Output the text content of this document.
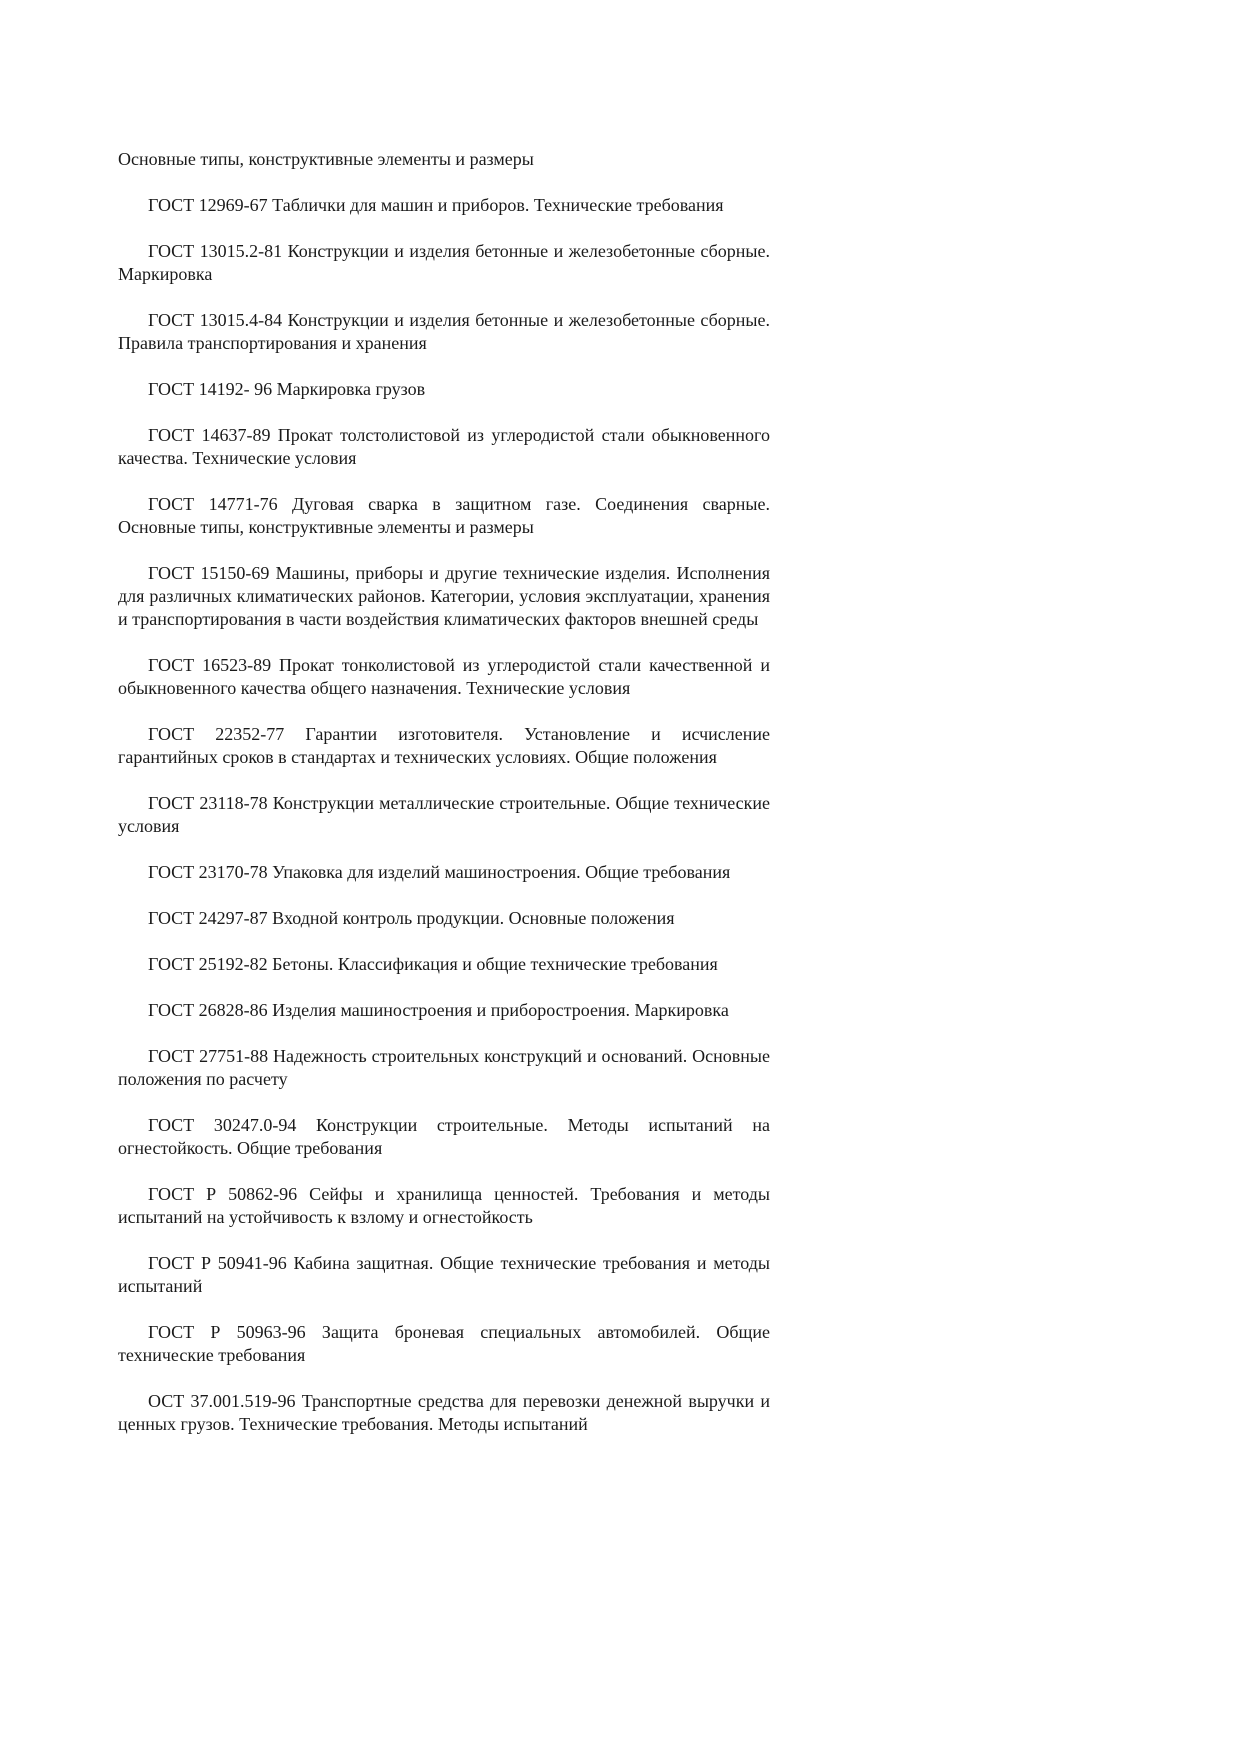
Основные типы, конструктивные элементы и размеры

ГОСТ 12969-67 Таблички для машин и приборов. Технические требования

ГОСТ 13015.2-81 Конструкции и изделия бетонные и железобетонные сборные. Маркировка

ГОСТ 13015.4-84 Конструкции и изделия бетонные и железобетонные сборные. Правила транспортирования и хранения

ГОСТ 14192- 96 Маркировка грузов

ГОСТ 14637-89 Прокат толстолистовой из углеродистой стали обыкновенного качества. Технические условия

ГОСТ 14771-76 Дуговая сварка в защитном газе. Соединения сварные. Основные типы, конструктивные элементы и размеры

ГОСТ 15150-69 Машины, приборы и другие технические изделия. Исполнения для различных климатических районов. Категории, условия эксплуатации, хранения и транспортирования в части воздействия климатических факторов внешней среды

ГОСТ 16523-89 Прокат тонколистовой из углеродистой стали качественной и обыкновенного качества общего назначения. Технические условия

ГОСТ 22352-77 Гарантии изготовителя. Установление и исчисление гарантийных сроков в стандартах и технических условиях. Общие положения

ГОСТ 23118-78 Конструкции металлические строительные. Общие технические условия

ГОСТ 23170-78 Упаковка для изделий машиностроения. Общие требования

ГОСТ 24297-87 Входной контроль продукции. Основные положения

ГОСТ 25192-82 Бетоны. Классификация и общие технические требования

ГОСТ 26828-86 Изделия машиностроения и приборостроения. Маркировка

ГОСТ 27751-88 Надежность строительных конструкций и оснований. Основные положения по расчету

ГОСТ 30247.0-94 Конструкции строительные. Методы испытаний на огнестойкость. Общие требования

ГОСТ Р 50862-96 Сейфы и хранилища ценностей. Требования и методы испытаний на устойчивость к взлому и огнестойкость

ГОСТ Р 50941-96 Кабина защитная. Общие технические требования и методы испытаний

ГОСТ Р 50963-96 Защита броневая специальных автомобилей. Общие технические требования

ОСТ 37.001.519-96 Транспортные средства для перевозки денежной выручки и ценных грузов. Технические требования. Методы испытаний
